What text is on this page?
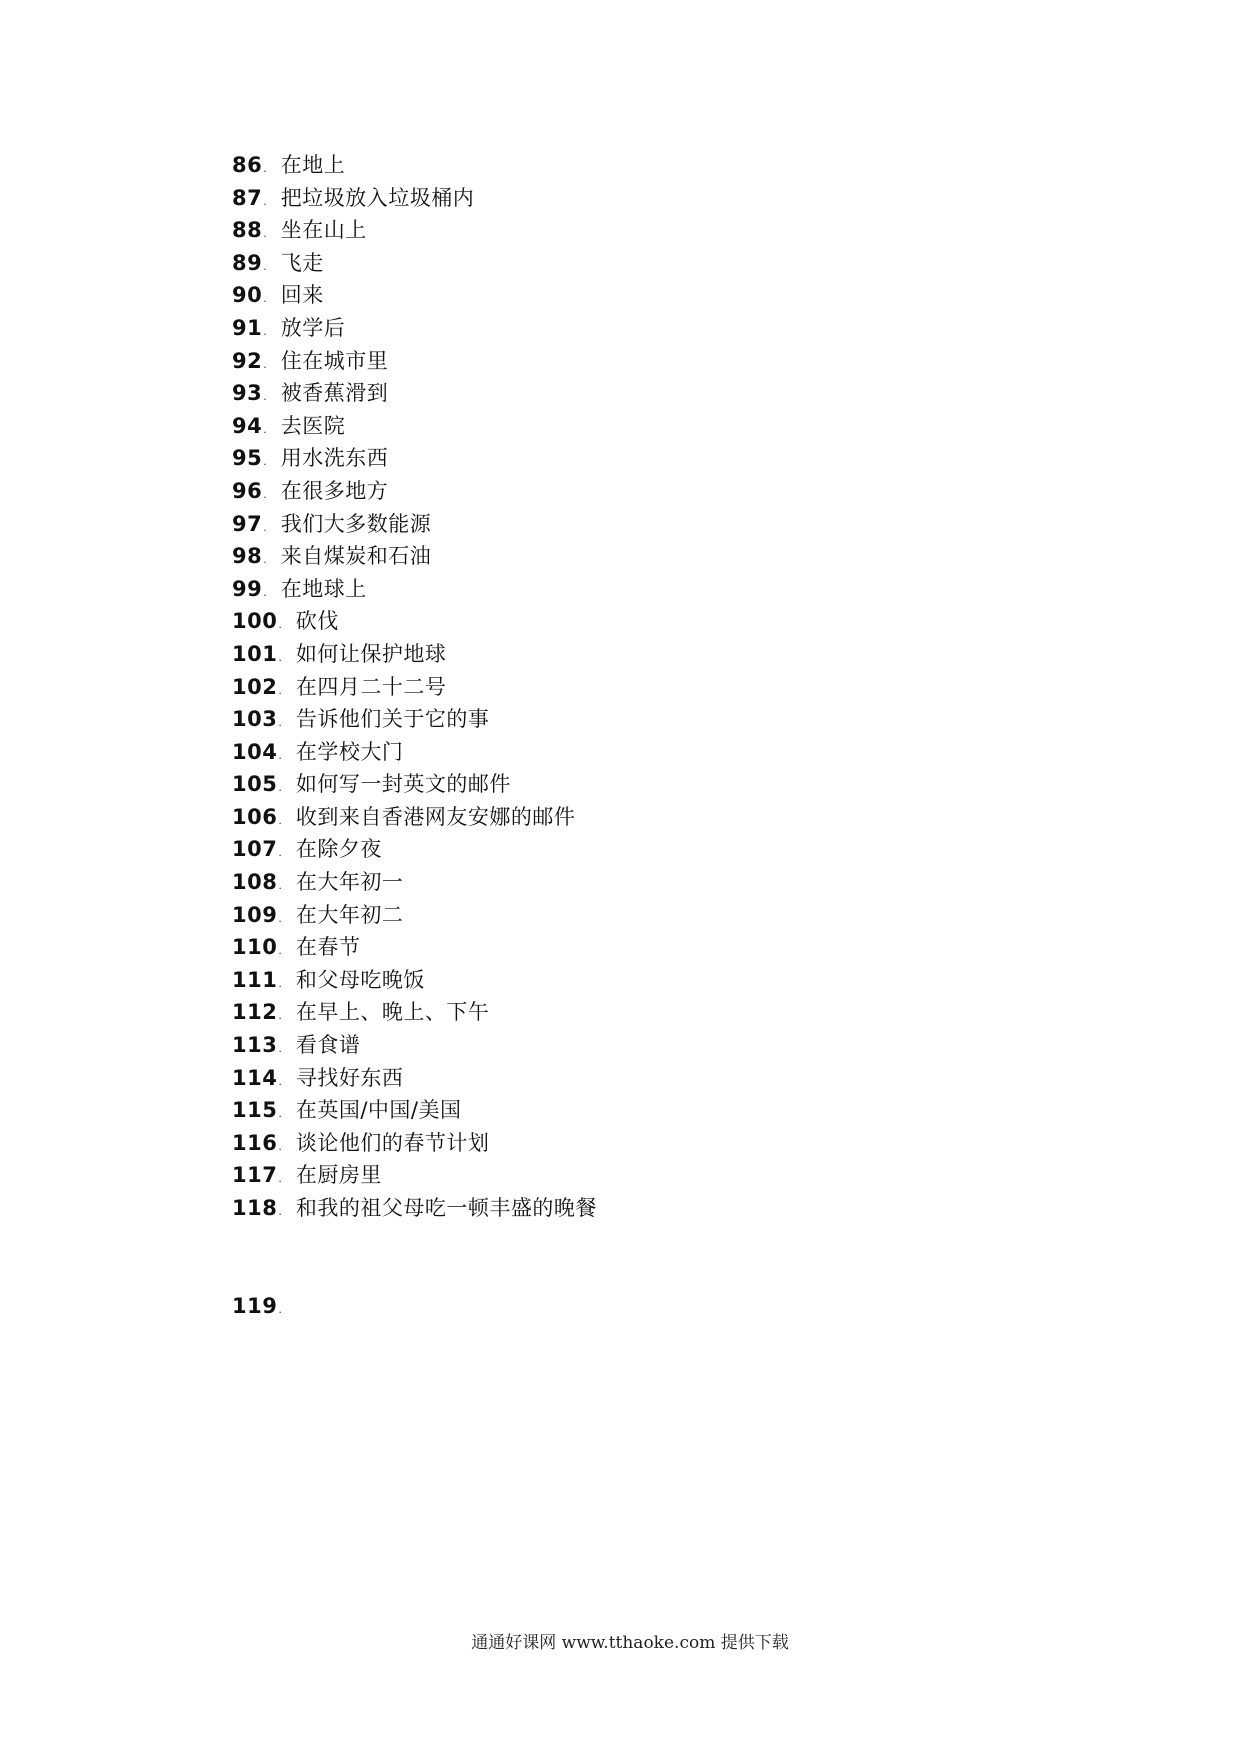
86 . 在地上
87 . 把垃圾放入垃圾桶内
88 . 坐在山上
89 . 飞走
90 . 回来
91 . 放学后
92 . 住在城市里
93 . 被香蕉滑到
94 . 去医院
95 . 用水洗东西
96 . 在很多地方
97 . 我们大多数能源
98 . 来自煤炭和石油
99 . 在地球上
100 . 砍伐
101 . 如何让保护地球
102 . 在四月二十二号
103 . 告诉他们关于它的事
104 . 在学校大门
105 . 如何写一封英文的邮件
106 . 收到来自香港网友安娜的邮件
107 . 在除夕夜
108 . 在大年初一
109 . 在大年初二
110 . 在春节
111 . 和父母吃晚饭
112 . 在早上、晚上、下午
113 . 看食谱
114 . 寻找好东西
115 . 在英国/中国/美国
116 . 谈论他们的春节计划
117 . 在厨房里
118 . 和我的祖父母吃一顿丰盛的晚餐
119.
通通好课网 www.tthaoke.com 提供下载
